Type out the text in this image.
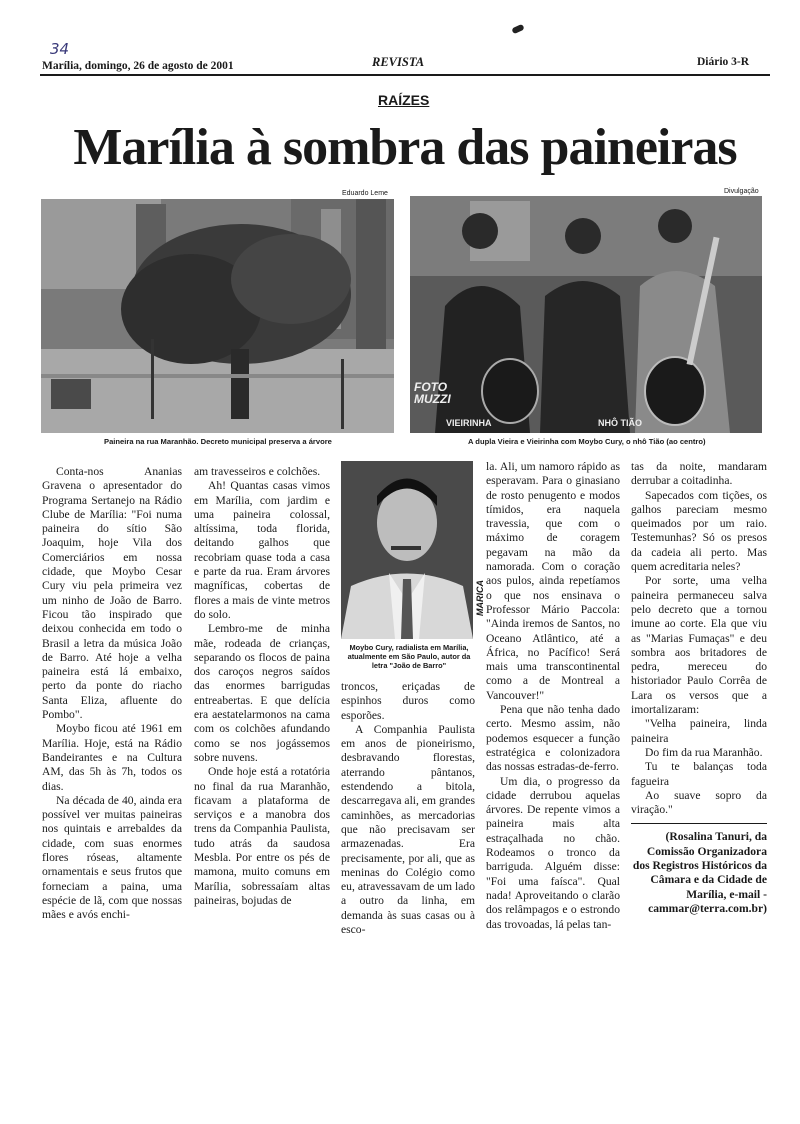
34
Marília, domingo, 26 de agosto de 2001	REVISTA	Diário 3-R
RAÍZES
Marília à sombra das paineiras
Eduardo Leme	Divulgação
Paineira na rua Maranhão. Decreto municipal preserva a árvore
FOTO MUZZI
VIEIRINHA	NHÔ TIÃO
A dupla Vieira e Vieirinha com Moybo Cury, o nhô Tião (ao centro)
MARICA
Moybo Cury, radialista em Marília, atualmente em São Paulo, autor da letra "João de Barro"

Conta-nos Ananias Gravena o apresentador do Programa Sertanejo na Rádio Clube de Marília: "Foi numa paineira do sítio São Joaquim, hoje Vila dos Comerciários em nossa cidade, que Moybo Cesar Cury viu pela primeira vez um ninho de João de Barro. Ficou tão inspirado que deixou conhecida em todo o Brasil a letra da música João de Barro. Até hoje a velha paineira está lá embaixo, perto da ponte do riacho Santa Eliza, afluente do Pombo".

Moybo ficou até 1961 em Marília. Hoje, está na Rádio Bandeirantes e na Cultura AM, das 5h às 7h, todos os dias.

Na década de 40, ainda era possível ver muitas paineiras nos quintais e arrebaldes da cidade, com suas enormes flores róseas, altamente ornamentais e seus frutos que forneciam a paina, uma espécie de lã, com que nossas mães e avós enchi-

am travesseiros e colchões.

Ah! Quantas casas vimos em Marília, com jardim e uma paineira colossal, altíssima, toda florida, deitando galhos que recobriam quase toda a casa e parte da rua. Eram árvores magníficas, cobertas de flores a mais de vinte metros do solo.

Lembro-me de minha mãe, rodeada de crianças, separando os flocos de paina dos caroços negros saídos das enormes barrigudas entreabertas. E que delícia era aestatelarmonos na cama com os colchões afundando como se nos jogássemos sobre nuvens.

Onde hoje está a rotatória no final da rua Maranhão, ficavam a plataforma de serviços e a manobra dos trens da Companhia Paulista, tudo atrás da saudosa Mesbla. Por entre os pés de mamona, muito comuns em Marília, sobressaíam altas paineiras, bojudas de

troncos, eriçadas de espinhos duros como esporões.

A Companhia Paulista em anos de pioneirismo, desbravando florestas, aterrando pântanos, estendendo a bitola, descarregava ali, em grandes caminhões, as mercadorias que não precisavam ser armazenadas. Era precisamente, por ali, que as meninas do Colégio como eu, atravessavam de um lado a outro da linha, em demanda às suas casas ou à esco-

la. Ali, um namoro rápido as esperavam. Para o ginasiano de rosto penugento e modos tímidos, era naquela travessia, que com o máximo de coragem pegavam na mão da namorada. Com o coração aos pulos, ainda repetíamos o que nos ensinava o Professor Mário Paccola: "Ainda iremos de Santos, no Oceano Atlântico, até a África, no Pacífico! Será mais uma transcontinental como a de Montreal a Vancouver!"

Pena que não tenha dado certo. Mesmo assim, não podemos esquecer a função estratégica e colonizadora das nossas estradas-de-ferro.

Um dia, o progresso da cidade derrubou aquelas árvores. De repente vimos a paineira mais alta estraçalhada no chão. Rodeamos o tronco da barriguda. Alguém disse: "Foi uma faísca". Qual nada! Aproveitando o clarão dos relâmpagos e o estrondo das trovoadas, lá pelas tan-

tas da noite, mandaram derrubar a coitadinha.

Sapecados com tições, os galhos pareciam mesmo queimados por um raio. Testemunhas? Só os presos da cadeia ali perto. Mas quem acreditaria neles?

Por sorte, uma velha paineira permaneceu salva pelo decreto que a tornou imune ao corte. Ela que viu as "Marias Fumaças" e deu sombra aos britadores de pedra, mereceu do historiador Paulo Corrêa de Lara os versos que a imortalizaram:

"Velha paineira, linda paineira

Do fim da rua Maranhão.

Tu te balanças toda fagueira

Ao suave sopro da viração."

(Rosalina Tanuri, da Comissão Organizadora dos Registros Históricos da Câmara e da Cidade de Marília, e-mail - cammar@terra.com.br)
